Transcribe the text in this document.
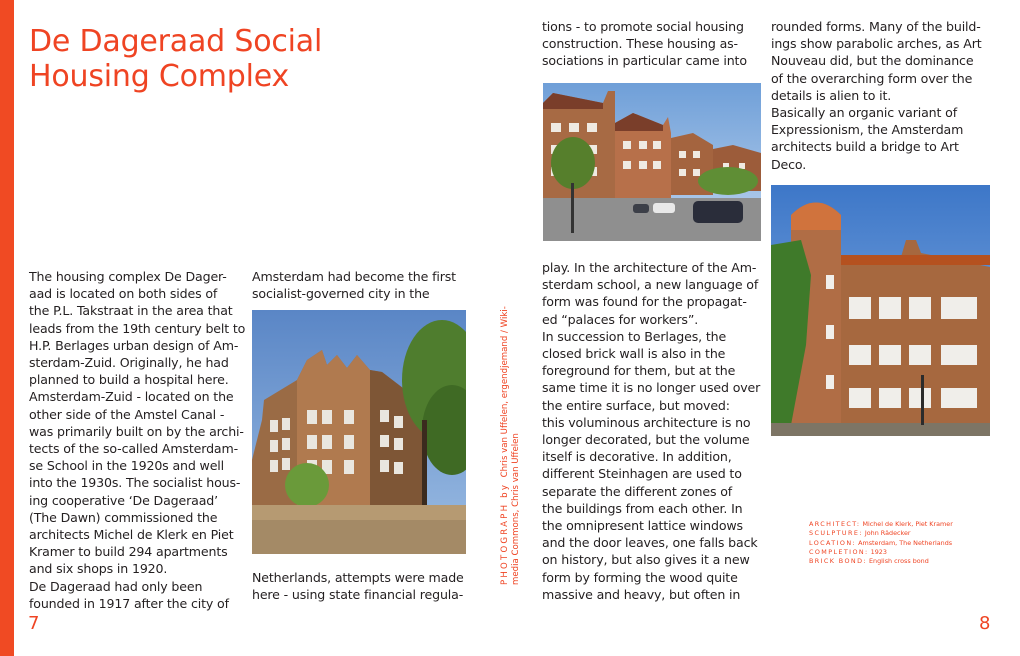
De Dageraad Social
Housing Complex
The housing complex De Dager-
aad is located on both sides of
the P.L. Takstraat in the area that
leads from the 19th century belt to
H.P. Berlages urban design of Am-
sterdam-Zuid. Originally, he had
planned to build a hospital here.
Amsterdam-Zuid - located on the
other side of the Amstel Canal -
was primarily built on by the archi-
tects of the so-called Amsterdam-
se School in the 1920s and well
into the 1930s. The socialist hous-
ing cooperative ‘De Dageraad’
(The Dawn) commissioned the
architects Michel de Klerk en Piet
Kramer to build 294 apartments
and six shops in 1920.
De Dageraad had only been
founded in 1917 after the city of
Amsterdam had become the first
socialist-governed city in the
Netherlands, attempts were made
here - using state financial regula-
tions - to promote social housing
construction. These housing as-
sociations in particular came into
play. In the architecture of the Am-
sterdam school, a new language of
form was found for the propagat-
ed “palaces for workers”.
In succession to Berlages, the
closed brick wall is also in the
foreground for them, but at the
same time it is no longer used over
the entire surface, but moved:
this voluminous architecture is no
longer decorated, but the volume
itself is decorative. In addition,
different Steinhagen are used to
separate the different zones of
the buildings from each other. In
the omnipresent lattice windows
and the door leaves, one falls back
on history, but also gives it a new
form by forming the wood quite
massive and heavy, but often in
rounded forms. Many of the build-
ings show parabolic arches, as Art
Nouveau did, but the dominance
of the overarching form over the
details is alien to it.
Basically an organic variant of
Expressionism, the Amsterdam
architects build a bridge to Art
Deco.
PHOTOGRAPH by  Chris van Uffelen, ergendjemand / Wiki-
media Commons, Chris van Uffelen	ARCHITECT: Michel de Klerk, Piet Kramer
SCULPTURE: John Rädecker
LOCATION: Amsterdam, The Netherlands
COMPLETION: 1923
BRICK BOND: English cross bond
7	8
